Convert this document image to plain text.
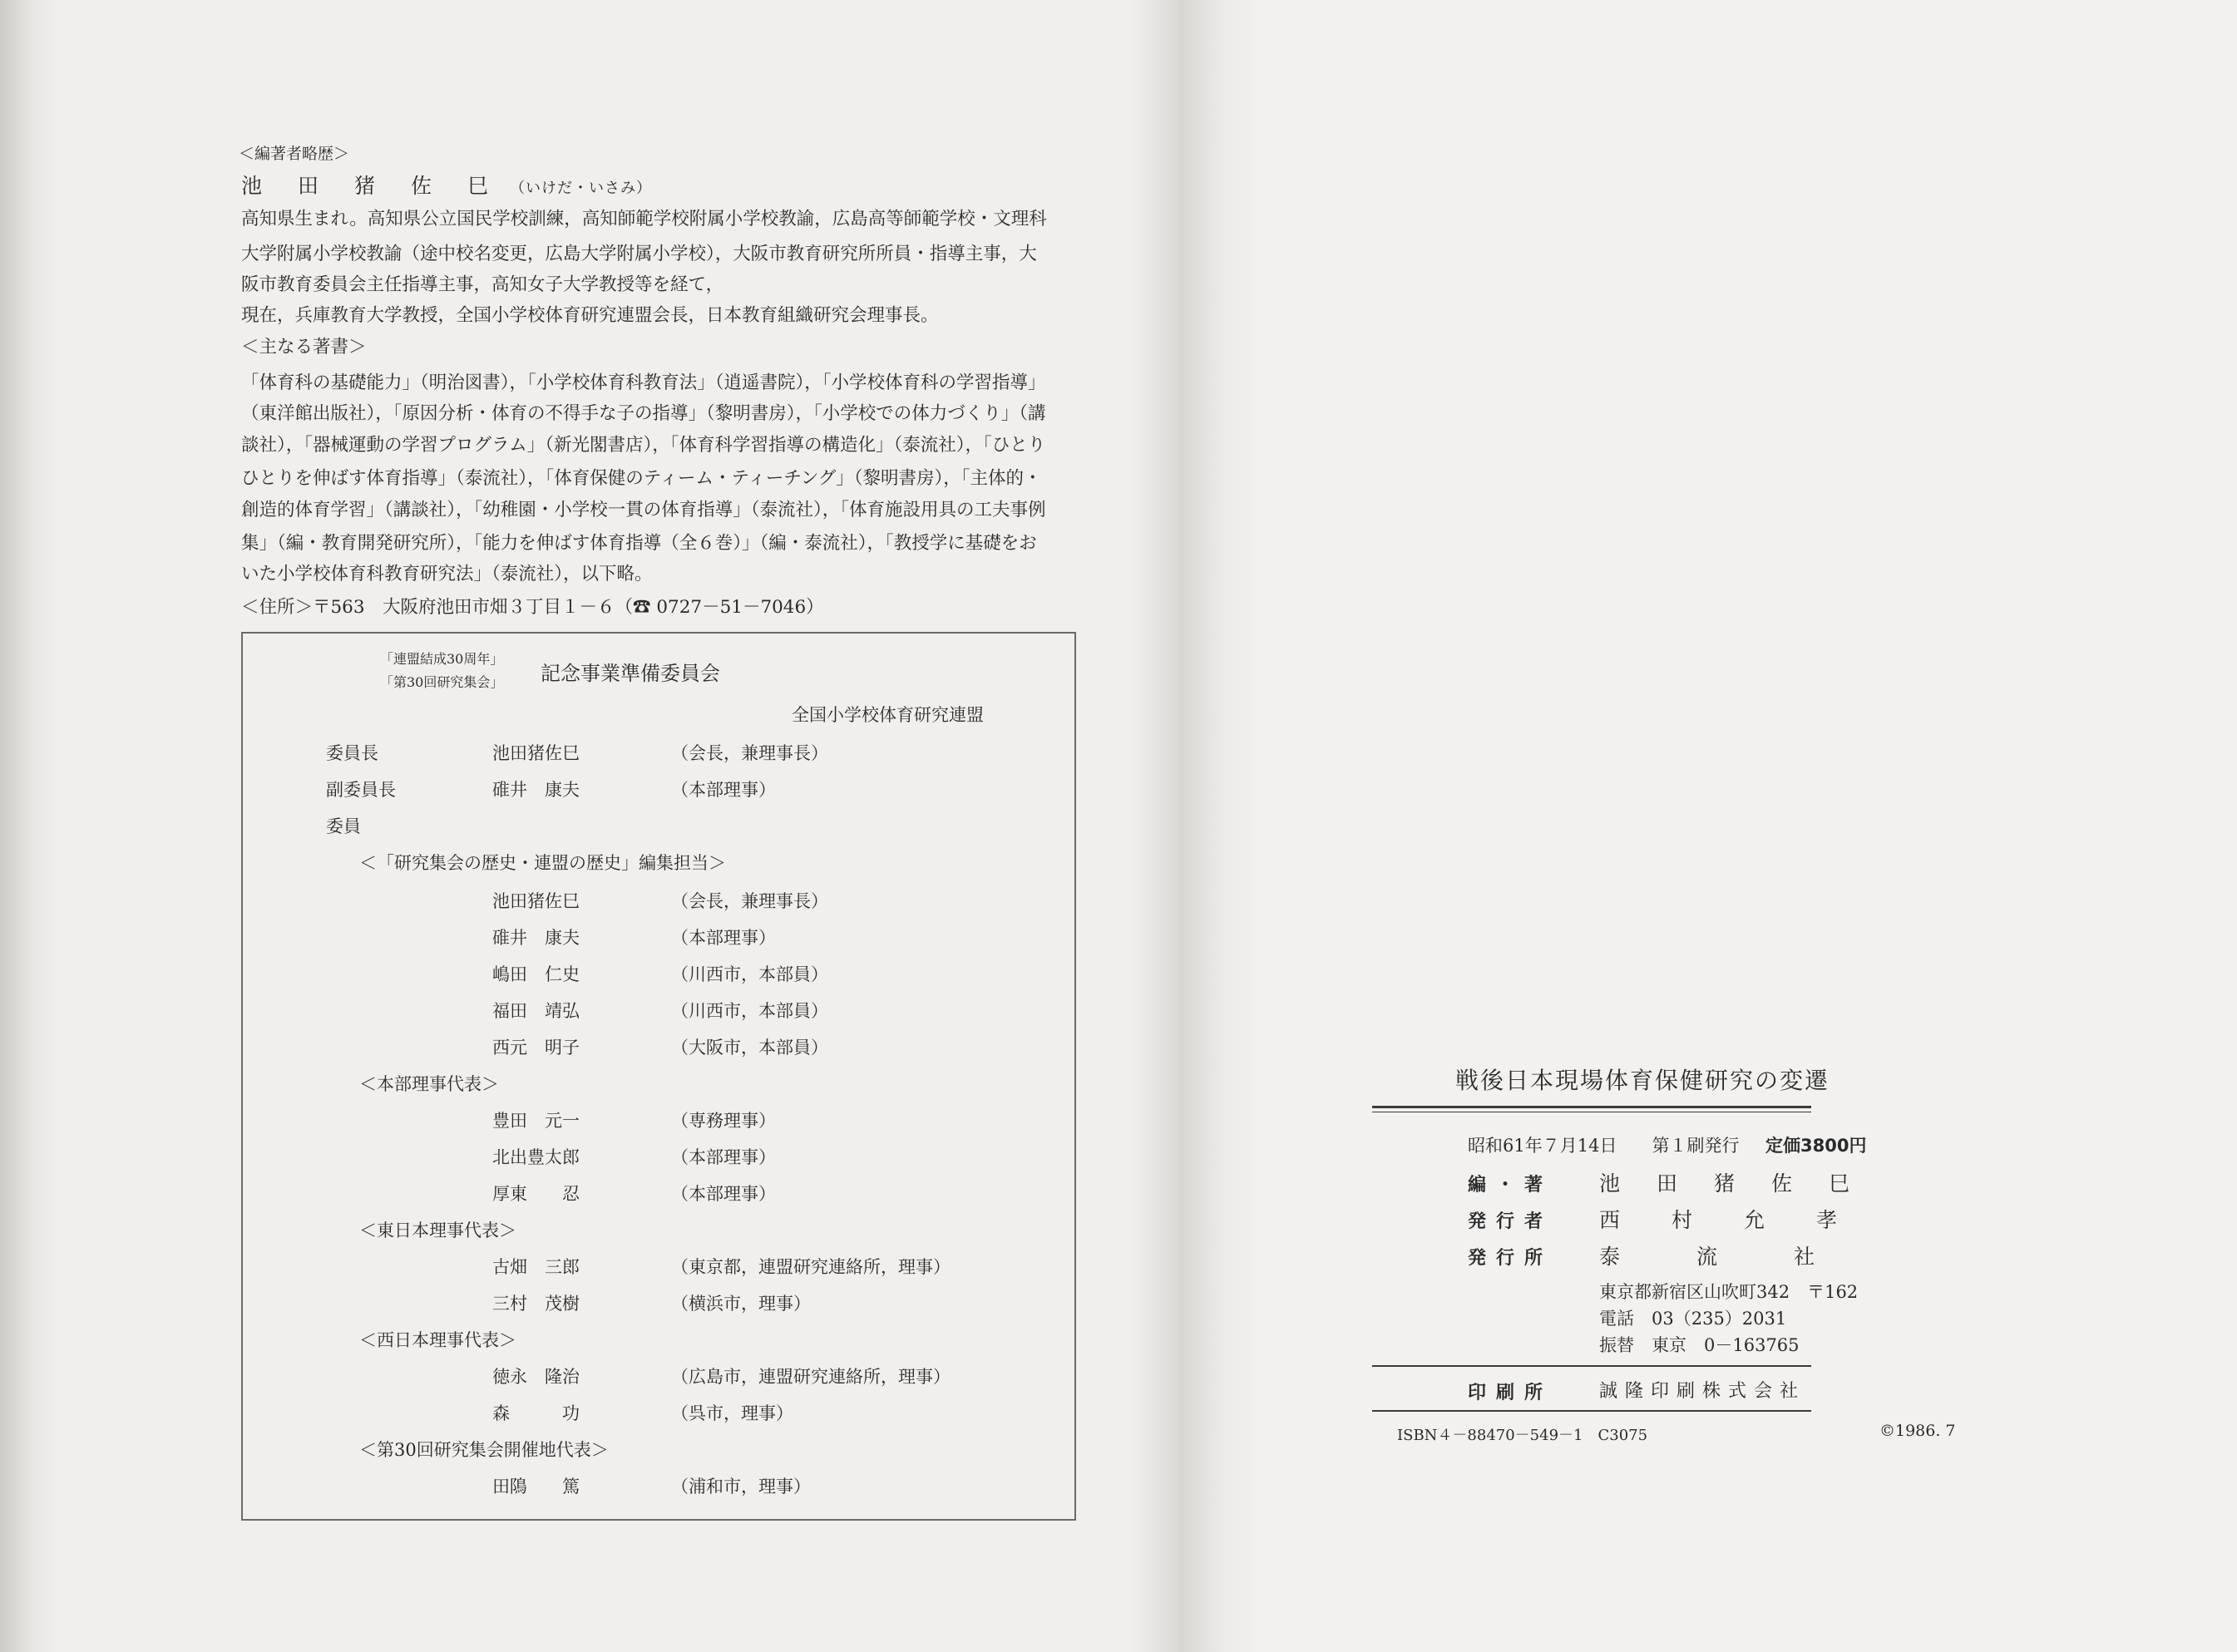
＜編著者略歴＞
池　田　猪　佐　巳 （いけだ・いさみ）
高知県生まれ。高知県公立国民学校訓練，高知師範学校附属小学校教諭，広島高等師範学校・文理科
大学附属小学校教諭（途中校名変更，広島大学附属小学校），大阪市教育研究所所員・指導主事，大
阪市教育委員会主任指導主事，高知女子大学教授等を経て，
現在，兵庫教育大学教授，全国小学校体育研究連盟会長，日本教育組織研究会理事長。
＜主なる著書＞
「体育科の基礎能力」（明治図書），「小学校体育科教育法」（逍遥書院），「小学校体育科の学習指導」
（東洋館出版社），「原因分析・体育の不得手な子の指導」（黎明書房），「小学校での体力づくり」（講
談社），「器械運動の学習プログラム」（新光閣書店），「体育科学習指導の構造化」（泰流社），「ひとり
ひとりを伸ばす体育指導」（泰流社），「体育保健のティーム・ティーチング」（黎明書房），「主体的・
創造的体育学習」（講談社），「幼稚園・小学校一貫の体育指導」（泰流社），「体育施設用具の工夫事例
集」（編・教育開発研究所），「能力を伸ばす体育指導（全６巻）」（編・泰流社），「教授学に基礎をお
いた小学校体育科教育研究法」（泰流社），以下略。
＜住所＞〒563　大阪府池田市畑３丁目１－６（☎ 0727－51－7046）
「連盟結成30周年」
「第30回研究集会」 記念事業準備委員会
全国小学校体育研究連盟
委員長	池田猪佐巳	（会長，兼理事長）
副委員長	碓井　康夫	（本部理事）
委員
＜「研究集会の歴史・連盟の歴史」編集担当＞
池田猪佐巳	（会長，兼理事長）
碓井　康夫	（本部理事）
嶋田　仁史	（川西市，本部員）
福田　靖弘	（川西市，本部員）
西元　明子	（大阪市，本部員）
＜本部理事代表＞
豊田　元一	（専務理事）
北出豊太郎	（本部理事）
厚東　　忍	（本部理事）
＜東日本理事代表＞
古畑　三郎	（東京都，連盟研究連絡所，理事）
三村　茂樹	（横浜市，理事）
＜西日本理事代表＞
徳永　隆治	（広島市，連盟研究連絡所，理事）
森　　　功	（呉市，理事）
＜第30回研究集会開催地代表＞
田隝　　篤	（浦和市，理事）
戦後日本現場体育保健研究の変遷
昭和61年７月14日　　第１刷発行 定価3800円
編・著 池田猪佐巳
発行者 西村允孝
発行所 泰流社
東京都新宿区山吹町342　〒162
電話　03（235）2031
振替　東京　0－163765
印刷所	誠隆印刷株式会社
ISBN４－88470－549－1　C3075	©1986. 7
